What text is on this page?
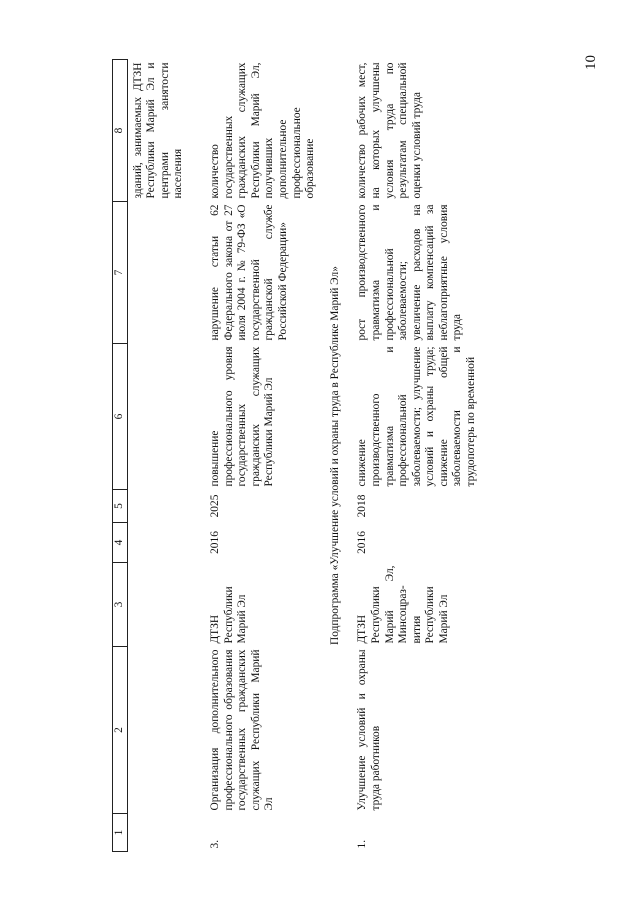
10
1	2	3	4	5	6	7	8
							зданий, занимаемых ДТЗН Республики Марий Эл и центрами занятости населения
3.	Организация дополнительного профессионального образования государственных гражданских служащих Республики Марий Эл	ДТЗН Республики Марий Эл	2016	2025	повышение профессионального уровня государственных гражданских служащих Республики Марий Эл	нарушение статьи 62 Федерального закона от 27 июля 2004 г. № 79-ФЗ «О государственной гражданской службе Российской Федерации»	количество государственных гражданских служащих Республики Марий Эл, получивших дополнительное профессиональное образование
Подпрограмма «Улучшение условий и охраны труда в Республике Марий Эл»							
1.	Улучшение условий и охраны труда работников	ДТЗН Республики Марий Эл, Минсоцраз- вития Республики Марий Эл	2016	2018	снижение производственного травматизма и профессиональной заболеваемости; улучшение условий и охраны труда; снижение общей заболеваемости и трудопотерь по временной	рост производственного травматизма и профессиональной заболеваемости; увеличение расходов на выплату компенсаций за неблагоприятные условия труда	количество рабочих мест, на которых улучшены условия труда по результатам специальной оценки условий труда
